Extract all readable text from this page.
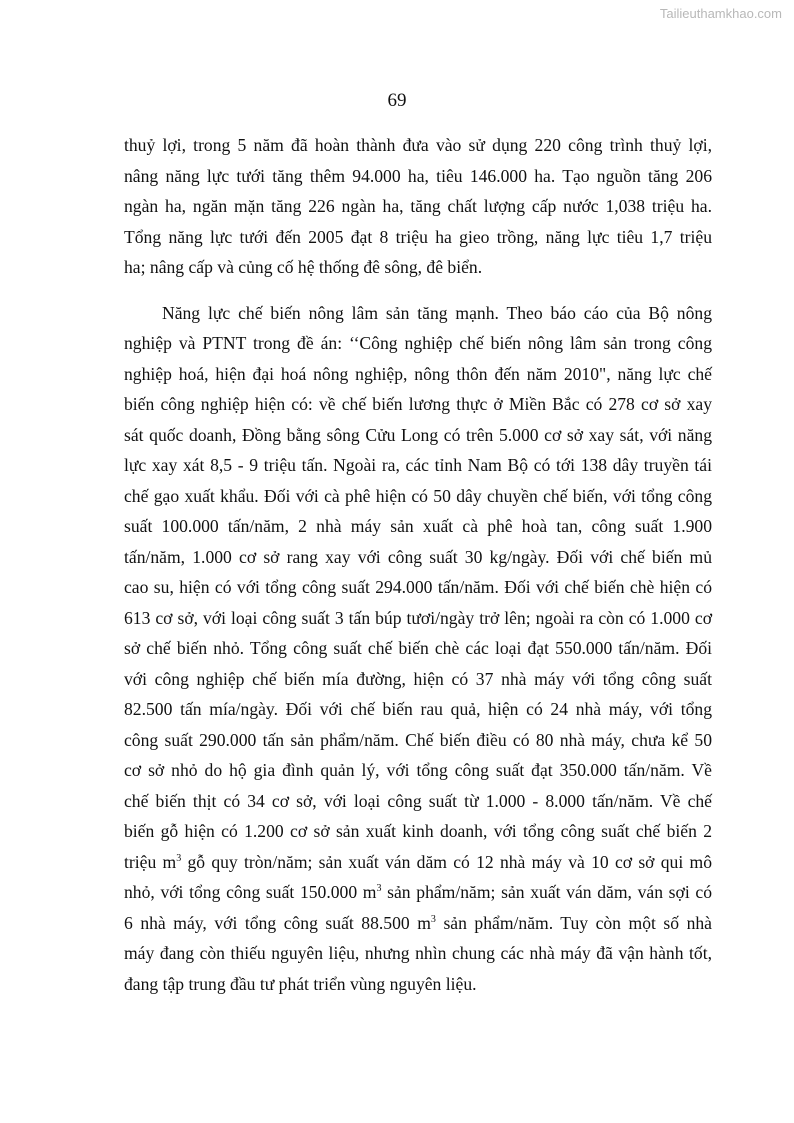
Tailieuthamkhao.com
69

thuỷ lợi, trong 5 năm đã hoàn thành đưa vào sử dụng 220 công trình thuỷ lợi,
nâng năng lực tưới tăng thêm 94.000 ha, tiêu 146.000 ha. Tạo nguồn tăng 206
ngàn ha, ngăn mặn tăng 226 ngàn ha, tăng chất lượng cấp nước 1,038 triệu ha.
Tổng năng lực tưới đến 2005 đạt 8 triệu ha gieo trồng, năng lực tiêu 1,7 triệu
ha; nâng cấp và củng cố hệ thống đê sông, đê biển.

Năng lực chế biến nông lâm sản tăng mạnh. Theo báo cáo của Bộ nông
nghiệp và PTNT trong đề án: ‘‘Công nghiệp chế biến nông lâm sản trong công
nghiệp hoá, hiện đại hoá nông nghiệp, nông thôn đến năm 2010", năng lực chế
biến công nghiệp hiện có: về chế biến lương thực ở Miền Bắc có 278 cơ sở xay
sát quốc doanh, Đồng bằng sông Cửu Long có trên 5.000 cơ sở xay sát, với năng
lực xay xát 8,5 - 9 triệu tấn. Ngoài ra, các tỉnh Nam Bộ có tới 138 dây truyền tái
chế gạo xuất khẩu. Đối với cà phê hiện có 50 dây chuyền chế biến, với tổng công
suất 100.000 tấn/năm, 2 nhà máy sản xuất cà phê hoà tan, công suất 1.900
tấn/năm, 1.000 cơ sở rang xay với công suất 30 kg/ngày. Đối với chế biến mủ
cao su, hiện có với tổng công suất 294.000 tấn/năm. Đối với chế biến chè hiện có
613 cơ sở, với loại công suất 3 tấn búp tươi/ngày trở lên; ngoài ra còn có 1.000 cơ
sở chế biến nhỏ. Tổng công suất chế biến chè các loại đạt 550.000 tấn/năm. Đối
với công nghiệp chế biến mía đường, hiện có 37 nhà máy với tổng công suất
82.500 tấn mía/ngày. Đối với chế biến rau quả, hiện có 24 nhà máy, với tổng
công suất 290.000 tấn sản phẩm/năm. Chế biến điều có 80 nhà máy, chưa kể 50
cơ sở nhỏ do hộ gia đình quản lý, với tổng công suất đạt 350.000 tấn/năm. Về
chế biến thịt có 34 cơ sở, với loại công suất từ 1.000 - 8.000 tấn/năm. Về chế
biến gỗ hiện có 1.200 cơ sở sản xuất kinh doanh, với tổng công suất chế biến 2
triệu $m^3$ gỗ quy tròn/năm; sản xuất ván dăm có 12 nhà máy và 10 cơ sở qui mô
nhỏ, với tổng công suất 150.000 $m^3$ sản phẩm/năm; sản xuất ván dăm, ván sợi có
6 nhà máy, với tổng công suất 88.500 $m^3$ sản phẩm/năm. Tuy còn một số nhà
máy đang còn thiếu nguyên liệu, nhưng nhìn chung các nhà máy đã vận hành tốt,
đang tập trung đầu tư phát triển vùng nguyên liệu.
